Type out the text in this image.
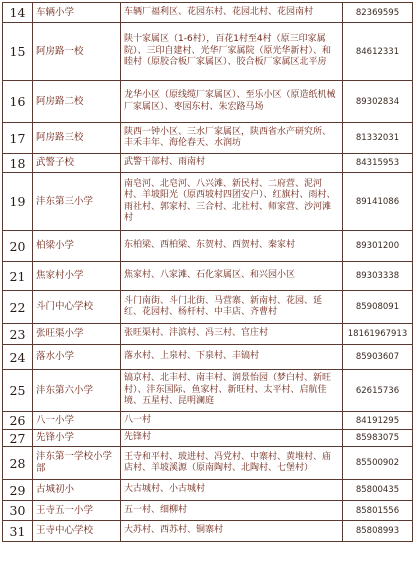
14	车辆小学	车辆厂福利区、花园东村、花园北村、花园南村	82369595
15	阿房路一校	陕十家属区（1-6村），百花1村至4村（原三印家属院）、三印自建村、光华厂家属院（原光华新村）、和睦村（原胶合板厂家属区）、胶合板厂家属区北平房	84612331
16	阿房路二校	龙华小区（原线缆厂家属区）、至乐小区（原造纸机械厂家属区）、枣园东村、朱宏路马场	89302834
17	阿房路三校	陕西一钟小区、三水厂家属区，陕西省水产研究所、丰禾丰年、海伦春天、水润坊	81332031
18	武警子校	武警干部村、雨南村	84315953
19	沣东第三小学	南皂河、北皂河、八兴滩、新民村、二府营、泥河村、羊坡阳光（原西坡村四团安户）、红旗村、雨村、雨社村、郭家村、三合村、北社村、师家营、沙河滩村	89141086
20	柏梁小学	东柏梁、西柏梁、东贺村、西贺村、秦家村	89301200
21	焦家村小学	焦家村、八家滩、石化家属区、和兴园小区	89303338
22	斗门中心学校	斗门南街、斗门北街、马营寨、新南村、花园、延红、花园村、杨杆村、中丰店、齐曹村	85908091
23	张旺渠小学	张旺渠村、沣滨村、冯三村、官庄村	18161967913
24	落水小学	落水村、上泉村、下泉村、丰镐村	85903607
25	沣东第六小学	镐京村、北丰村、南丰村、润景怡园（梦白村、新旺村）、沣东国际、鱼家村、新旺村、太平村、启航佳境、五星村、昆明澜庭	62615736
26	八一小学	八一村	84191295
27	先锋小学	先锋村	85983075
28	沣东第一学校小学部	王寺和平村、玻进村、冯党村、中寨村、黄堆村、庙店村、羊坡溪源（原南陶村、北陶村、七堡村）	85500902
29	古城初小	大古城村、小古城村	85800435
30	王寺五一小学	五一村、细柳村	85801556
31	王寺中心学校	大苏村、西苏村、铜寨村	85808993
